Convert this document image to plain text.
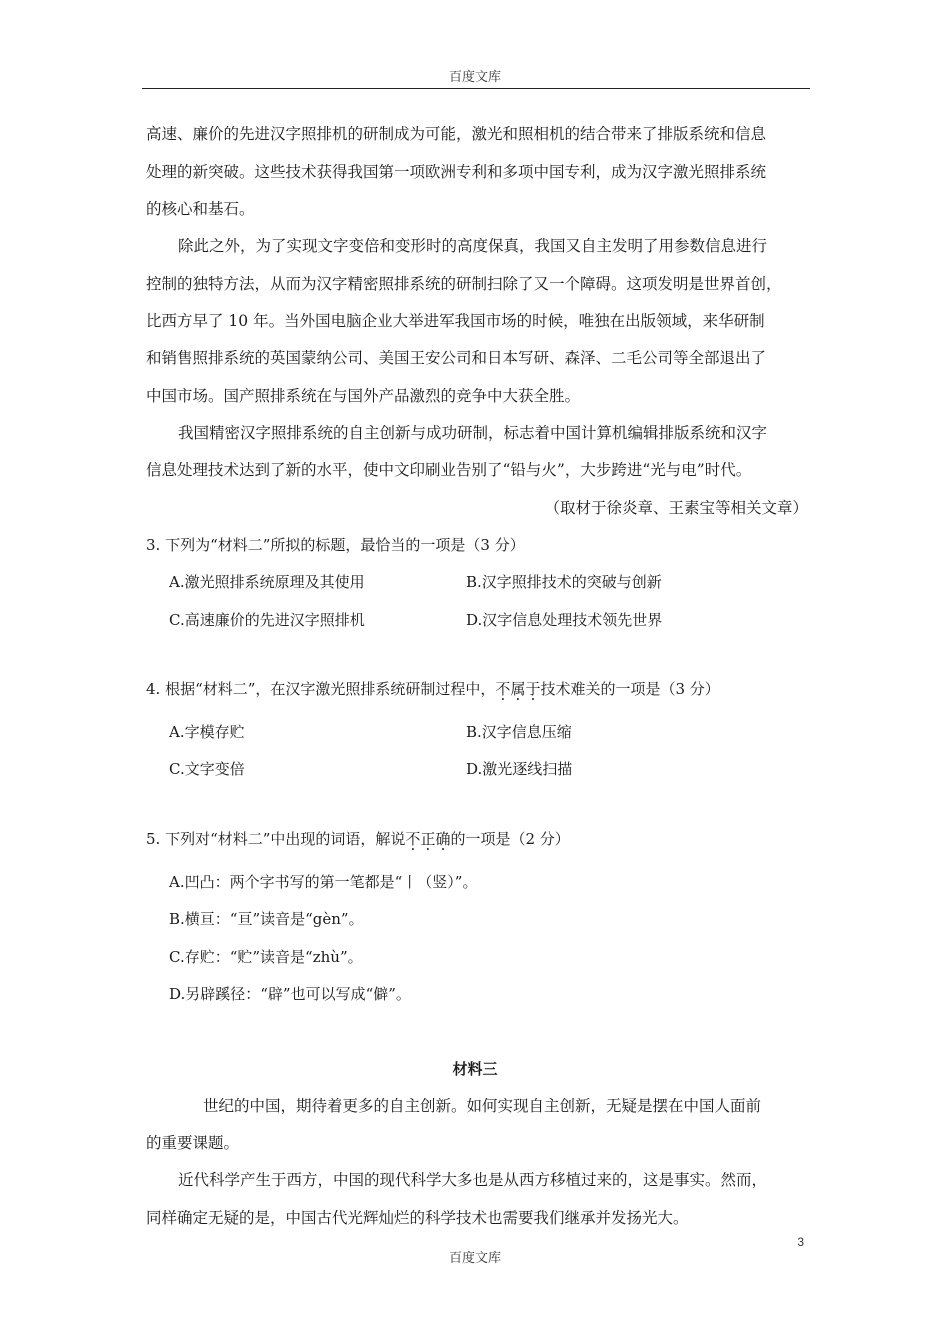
百度文库
高速、廉价的先进汉字照排机的研制成为可能，激光和照相机的结合带来了排版系统和信息
处理的新突破。这些技术获得我国第一项欧洲专利和多项中国专利，成为汉字激光照排系统
的核心和基石。
除此之外，为了实现文字变倍和变形时的高度保真，我国又自主发明了用参数信息进行
控制的独特方法，从而为汉字精密照排系统的研制扫除了又一个障碍。这项发明是世界首创，
比西方早了 10 年。当外国电脑企业大举进军我国市场的时候，唯独在出版领域，来华研制
和销售照排系统的英国蒙纳公司、美国王安公司和日本写研、森泽、二毛公司等全部退出了
中国市场。国产照排系统在与国外产品激烈的竞争中大获全胜。
我国精密汉字照排系统的自主创新与成功研制，标志着中国计算机编辑排版系统和汉字
信息处理技术达到了新的水平，使中文印刷业告别了“铅与火”，大步跨进“光与电”时代。
（取材于徐炎章、王素宝等相关文章）
3. 下列为“材料二”所拟的标题，最恰当的一项是（3 分）
A.激光照排系统原理及其使用	B.汉字照排技术的突破与创新
C.高速廉价的先进汉字照排机	D.汉字信息处理技术领先世界
4. 根据“材料二”，在汉字激光照排系统研制过程中，不属于技术难关的一项是（3 分）
A.字模存贮	B.汉字信息压缩
C.文字变倍	D.激光逐线扫描
5. 下列对“材料二”中出现的词语，解说不正确的一项是（2 分）
A.凹凸：两个字书写的第一笔都是“丨（竖）”。
B.横亘：“亘”读音是“gèn”。
C.存贮：“贮”读音是“zhù”。
D.另辟蹊径：“辟”也可以写成“僻”。
材料三
世纪的中国，期待着更多的自主创新。如何实现自主创新，无疑是摆在中国人面前
的重要课题。
近代科学产生于西方，中国的现代科学大多也是从西方移植过来的，这是事实。然而，
同样确定无疑的是，中国古代光辉灿烂的科学技术也需要我们继承并发扬光大。
3
百度文库
